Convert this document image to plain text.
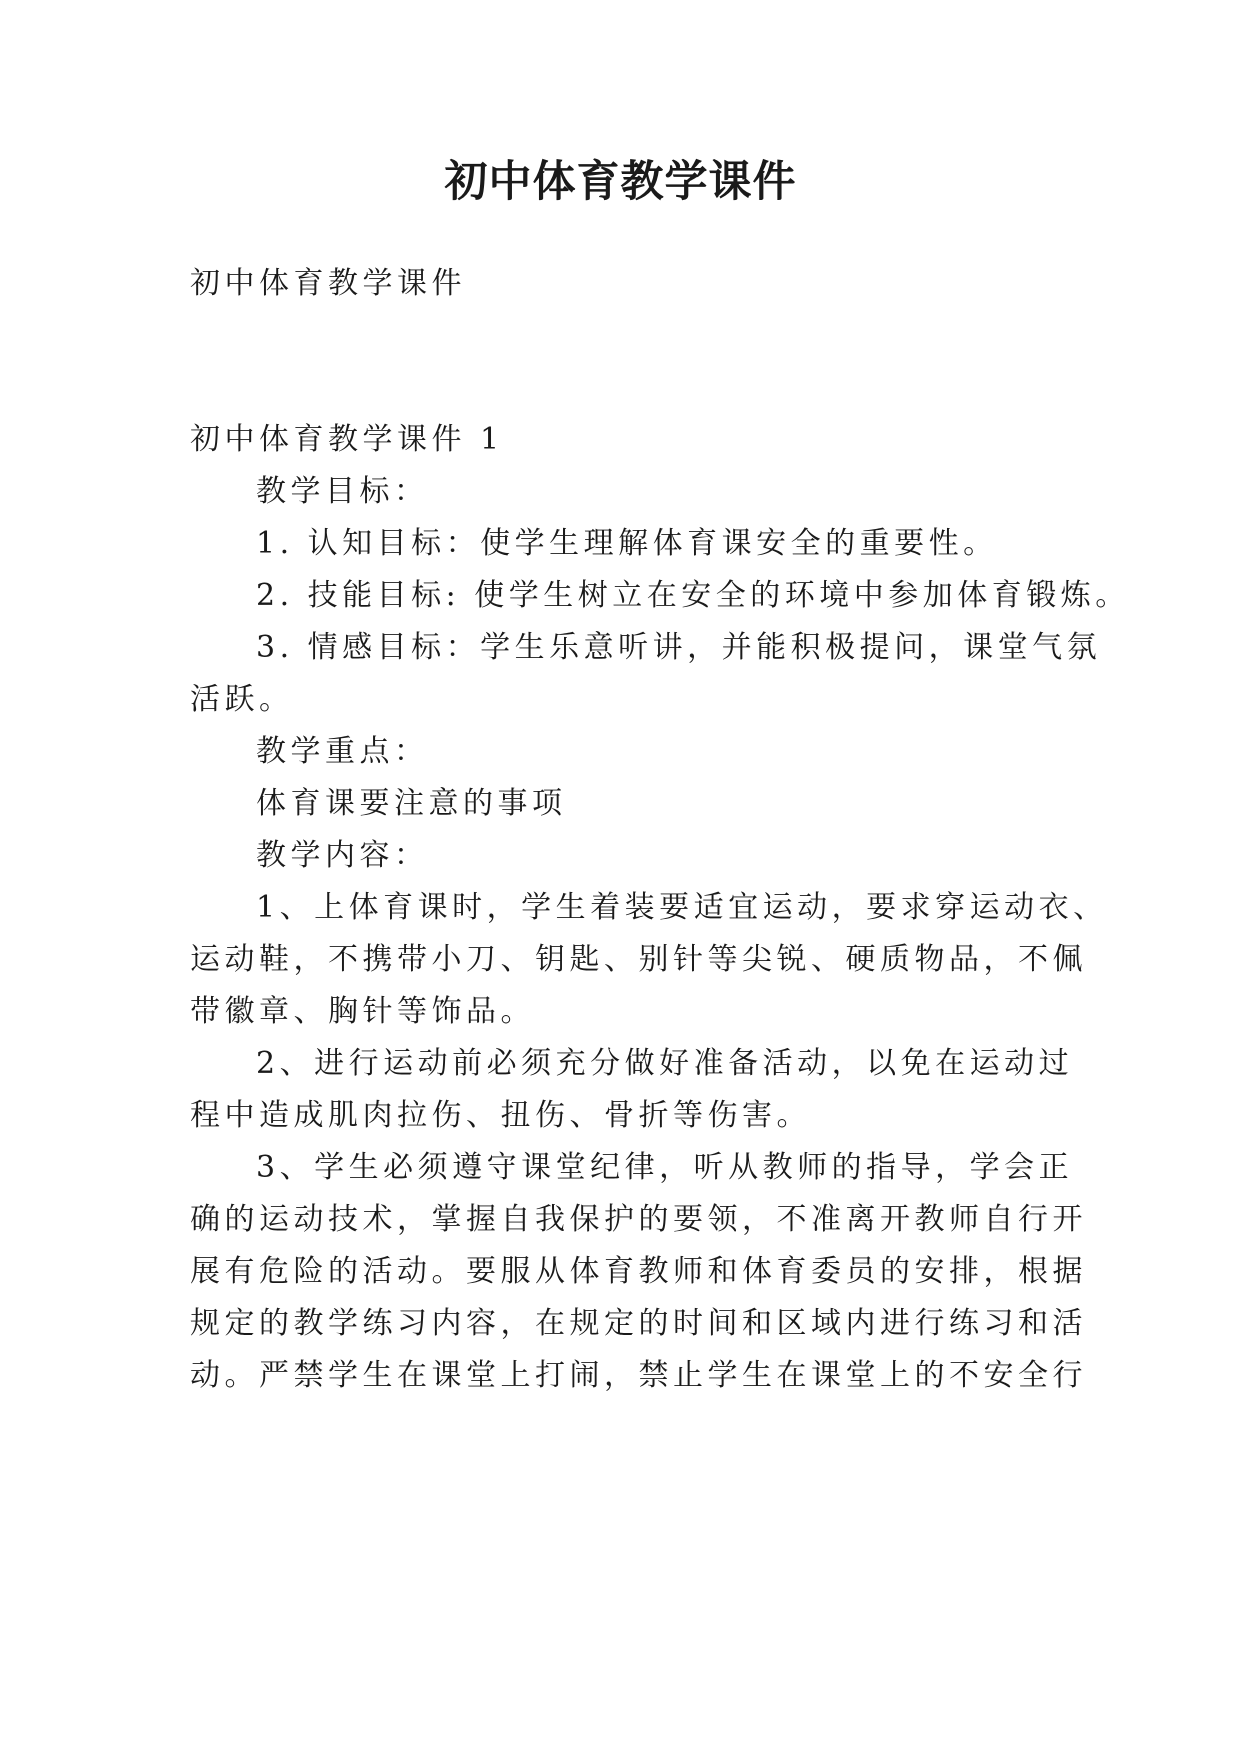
初中体育教学课件

初中体育教学课件

初中体育教学课件 1

教学目标：

1. 认知目标：使学生理解体育课安全的重要性。

2. 技能目标: 使学生树立在安全的环境中参加体育锻炼。

3. 情感目标：学生乐意听讲，并能积极提问，课堂气氛

活跃。

教学重点：

体育课要注意的事项

教学内容：

1、上体育课时，学生着装要适宜运动，要求穿运动衣、

运动鞋，不携带小刀、钥匙、别针等尖锐、硬质物品，不佩

带徽章、胸针等饰品。

2、进行运动前必须充分做好准备活动，以免在运动过

程中造成肌肉拉伤、扭伤、骨折等伤害。

3、学生必须遵守课堂纪律，听从教师的指导，学会正

确的运动技术，掌握自我保护的要领，不准离开教师自行开

展有危险的活动。要服从体育教师和体育委员的安排，根据

规定的教学练习内容，在规定的时间和区域内进行练习和活

动。严禁学生在课堂上打闹，禁止学生在课堂上的不安全行
